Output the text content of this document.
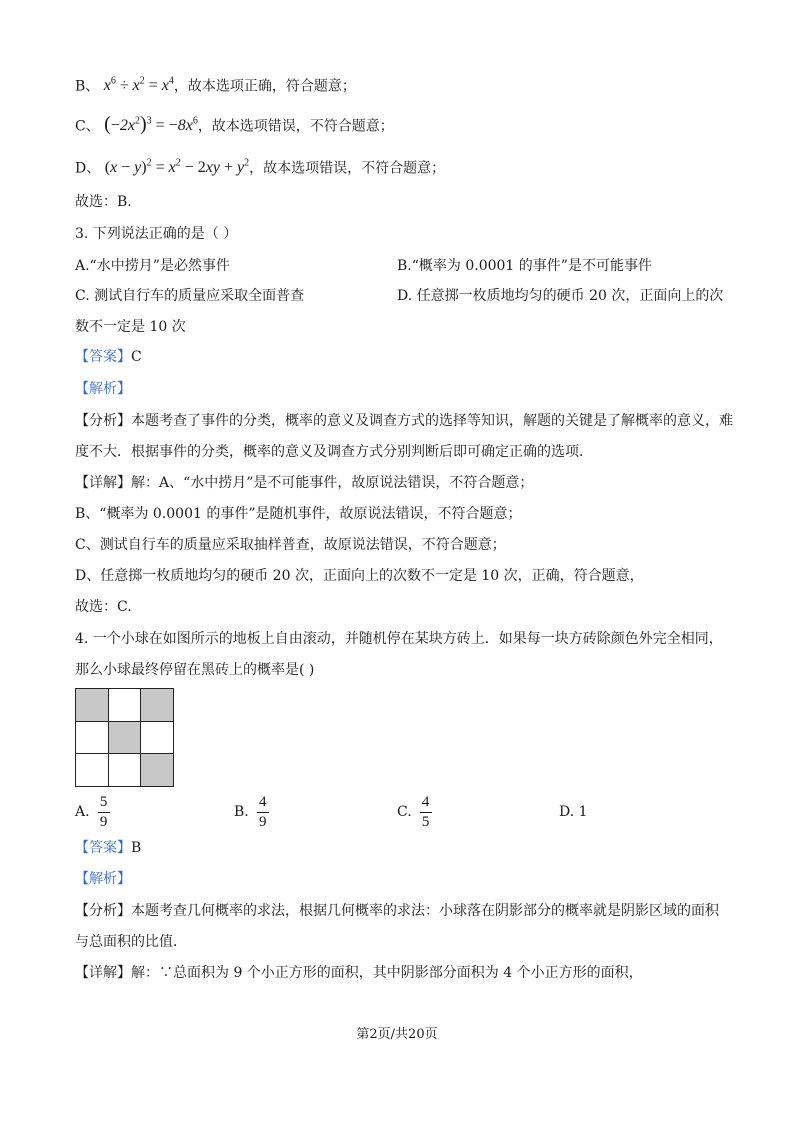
B、 $x^6 \div x^2 = x^4$，故本选项正确，符合题意；
C、 $(-2x^2)^3 = -8x^6$，故本选项错误，不符合题意；
D、 $(x - y)^2 = x^2 - 2xy + y^2$，故本选项错误，不符合题意；
故选：B.
3. 下列说法正确的是（ ）
A.“水中捞月”是必然事件	B.“概率为 0.0001 的事件”是不可能事件
C. 测试自行车的质量应采取全面普查	D. 任意掷一枚质地均匀的硬币 20 次，正面向上的次
数不一定是 10 次
【答案】C
【解析】
【分析】本题考查了事件的分类，概率的意义及调查方式的选择等知识，解题的关键是了解概率的意义，难
度不大．根据事件的分类，概率的意义及调查方式分别判断后即可确定正确的选项．
【详解】解：A、“水中捞月”是不可能事件，故原说法错误，不符合题意；
B、“概率为 0.0001 的事件”是随机事件，故原说法错误，不符合题意；
C、测试自行车的质量应采取抽样普查，故原说法错误，不符合题意；
D、任意掷一枚质地均匀的硬币 20 次，正面向上的次数不一定是 10 次，正确，符合题意，
故选：C.
4. 一个小球在如图所示的地板上自由滚动，并随机停在某块方砖上．如果每一块方砖除颜色外完全相同，
那么小球最终停留在黑砖上的概率是( )

A. $\frac{5}{9}$	B. $\frac{4}{9}$	C. $\frac{4}{5}$	D. 1
【答案】B
【解析】
【分析】本题考查几何概率的求法，根据几何概率的求法：小球落在阴影部分的概率就是阴影区域的面积
与总面积的比值．
【详解】解：∵总面积为 9 个小正方形的面积，其中阴影部分面积为 4 个小正方形的面积，
第2页/共20页
